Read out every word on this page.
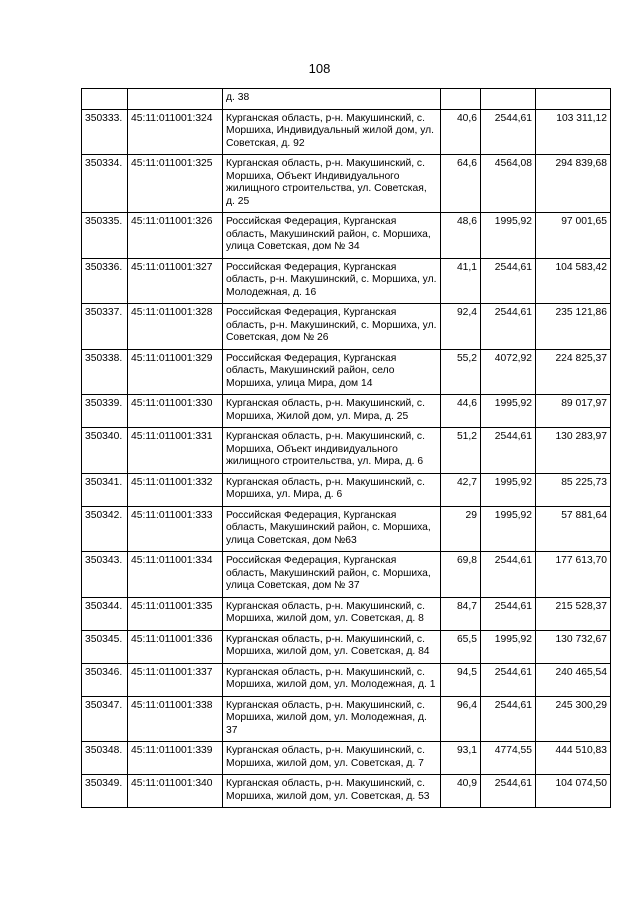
108
		д. 38			
350333.	45:11:011001:324	Курганская область, р-н. Макушинский, с. Моршиха, Индивидуальный жилой дом, ул. Советская, д. 92	40,6	2544,61	103 311,12
350334.	45:11:011001:325	Курганская область, р-н. Макушинский, с. Моршиха, Объект Индивидуального жилищного строительства, ул. Советская, д. 25	64,6	4564,08	294 839,68
350335.	45:11:011001:326	Российская Федерация, Курганская область, Макушинский район, с. Моршиха, улица Советская, дом № 34	48,6	1995,92	97 001,65
350336.	45:11:011001:327	Российская Федерация, Курганская область, р-н. Макушинский, с. Моршиха, ул. Молодежная, д. 16	41,1	2544,61	104 583,42
350337.	45:11:011001:328	Российская Федерация, Курганская область, р-н. Макушинский, с. Моршиха, ул. Советская, дом № 26	92,4	2544,61	235 121,86
350338.	45:11:011001:329	Российская Федерация, Курганская область, Макушинский район, село Моршиха, улица Мира, дом 14	55,2	4072,92	224 825,37
350339.	45:11:011001:330	Курганская область, р-н. Макушинский, с. Моршиха, Жилой дом, ул. Мира, д. 25	44,6	1995,92	89 017,97
350340.	45:11:011001:331	Курганская область, р-н. Макушинский, с. Моршиха, Объект индивидуального жилищного строительства, ул. Мира, д. 6	51,2	2544,61	130 283,97
350341.	45:11:011001:332	Курганская область, р-н. Макушинский, с. Моршиха, ул. Мира, д. 6	42,7	1995,92	85 225,73
350342.	45:11:011001:333	Российская Федерация, Курганская область, Макушинский район, с. Моршиха, улица Советская, дом №63	29	1995,92	57 881,64
350343.	45:11:011001:334	Российская Федерация, Курганская область, Макушинский район, с. Моршиха, улица Советская, дом № 37	69,8	2544,61	177 613,70
350344.	45:11:011001:335	Курганская область, р-н. Макушинский, с. Моршиха, жилой дом, ул. Советская, д. 8	84,7	2544,61	215 528,37
350345.	45:11:011001:336	Курганская область, р-н. Макушинский, с. Моршиха, жилой дом, ул. Советская, д. 84	65,5	1995,92	130 732,67
350346.	45:11:011001:337	Курганская область, р-н. Макушинский, с. Моршиха, жилой дом, ул. Молодежная, д. 1	94,5	2544,61	240 465,54
350347.	45:11:011001:338	Курганская область, р-н. Макушинский, с. Моршиха, жилой дом, ул. Молодежная, д. 37	96,4	2544,61	245 300,29
350348.	45:11:011001:339	Курганская область, р-н. Макушинский, с. Моршиха, жилой дом, ул. Советская, д. 7	93,1	4774,55	444 510,83
350349.	45:11:011001:340	Курганская область, р-н. Макушинский, с. Моршиха, жилой дом, ул. Советская, д. 53	40,9	2544,61	104 074,50
